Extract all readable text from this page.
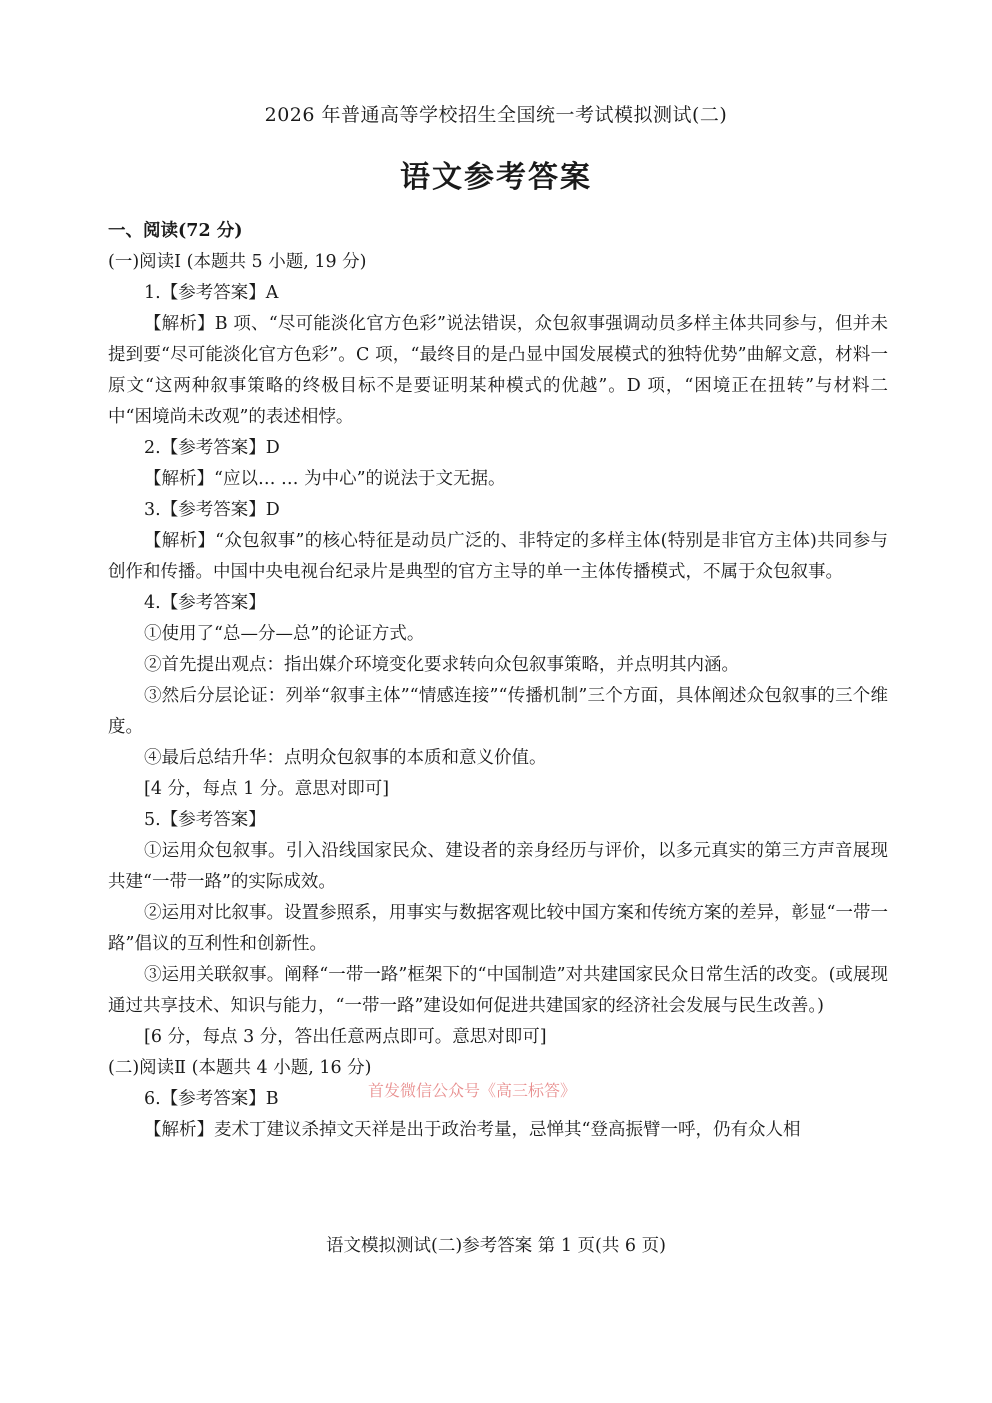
2026 年普通高等学校招生全国统一考试模拟测试(二)
语文参考答案
一、阅读(72 分)
(一)阅读Ⅰ (本题共 5 小题, 19 分)
1.【参考答案】A
【解析】B 项、“尽可能淡化官方色彩”说法错误，众包叙事强调动员多样主体共同参与，但并未提到要“尽可能淡化官方色彩”。C 项，“最终目的是凸显中国发展模式的独特优势”曲解文意，材料一原文“这两种叙事策略的终极目标不是要证明某种模式的优越”。D 项，“困境正在扭转”与材料二中“困境尚未改观”的表述相悖。
2.【参考答案】D
【解析】“应以… … 为中心”的说法于文无据。
3.【参考答案】D
【解析】“众包叙事”的核心特征是动员广泛的、非特定的多样主体(特别是非官方主体)共同参与创作和传播。中国中央电视台纪录片是典型的官方主导的单一主体传播模式，不属于众包叙事。
4.【参考答案】
①使用了“总—分—总”的论证方式。
②首先提出观点：指出媒介环境变化要求转向众包叙事策略，并点明其内涵。
③然后分层论证：列举“叙事主体”“情感连接”“传播机制”三个方面，具体阐述众包叙事的三个维度。
④最后总结升华：点明众包叙事的本质和意义价值。
[4 分，每点 1 分。意思对即可]
5.【参考答案】
①运用众包叙事。引入沿线国家民众、建设者的亲身经历与评价，以多元真实的第三方声音展现共建“一带一路”的实际成效。
②运用对比叙事。设置参照系，用事实与数据客观比较中国方案和传统方案的差异，彰显“一带一路”倡议的互利性和创新性。
③运用关联叙事。阐释“一带一路”框架下的“中国制造”对共建国家民众日常生活的改变。(或展现通过共享技术、知识与能力，“一带一路”建设如何促进共建国家的经济社会发展与民生改善。)
[6 分，每点 3 分，答出任意两点即可。意思对即可]
(二)阅读Ⅱ (本题共 4 小题, 16 分)
6.【参考答案】B
【解析】麦术丁建议杀掉文天祥是出于政治考量，忌惮其“登高振臂一呼，仍有众人相
首发微信公众号《高三标答》
语文模拟测试(二)参考答案 第 1 页(共 6 页)
